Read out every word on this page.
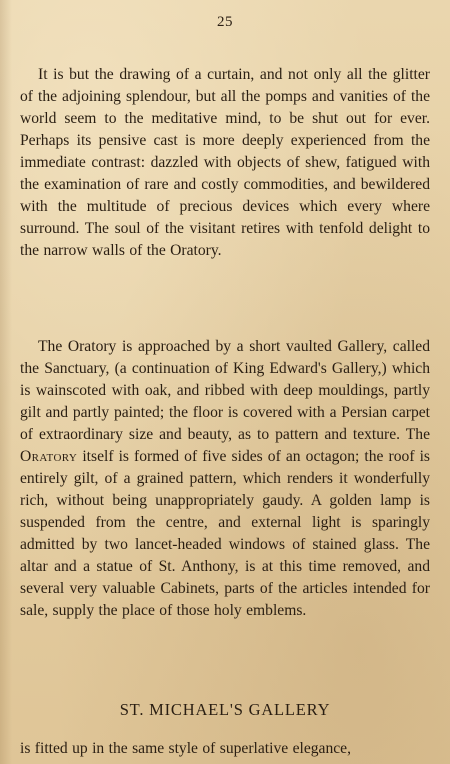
25

It is but the drawing of a curtain, and not only all the glitter of the adjoining splendour, but all the pomps and vanities of the world seem to the meditative mind, to be shut out for ever. Perhaps its pensive cast is more deeply experienced from the immediate contrast: dazzled with objects of shew, fatigued with the examination of rare and costly commodities, and bewildered with the multitude of precious devices which every where surround. The soul of the visitant retires with tenfold delight to the narrow walls of the Oratory.

The Oratory is approached by a short vaulted Gallery, called the Sanctuary, (a continuation of King Edward's Gallery,) which is wainscoted with oak, and ribbed with deep mouldings, partly gilt and partly painted; the floor is covered with a Persian carpet of extraordinary size and beauty, as to pattern and texture. The Oratory itself is formed of five sides of an octagon; the roof is entirely gilt, of a grained pattern, which renders it wonderfully rich, without being unappropriately gaudy. A golden lamp is suspended from the centre, and external light is sparingly admitted by two lancet-headed windows of stained glass. The altar and a statue of St. Anthony, is at this time removed, and several very valuable Cabinets, parts of the articles intended for sale, supply the place of those holy emblems.

ST. MICHAEL'S GALLERY

is fitted up in the same style of superlative elegance,
